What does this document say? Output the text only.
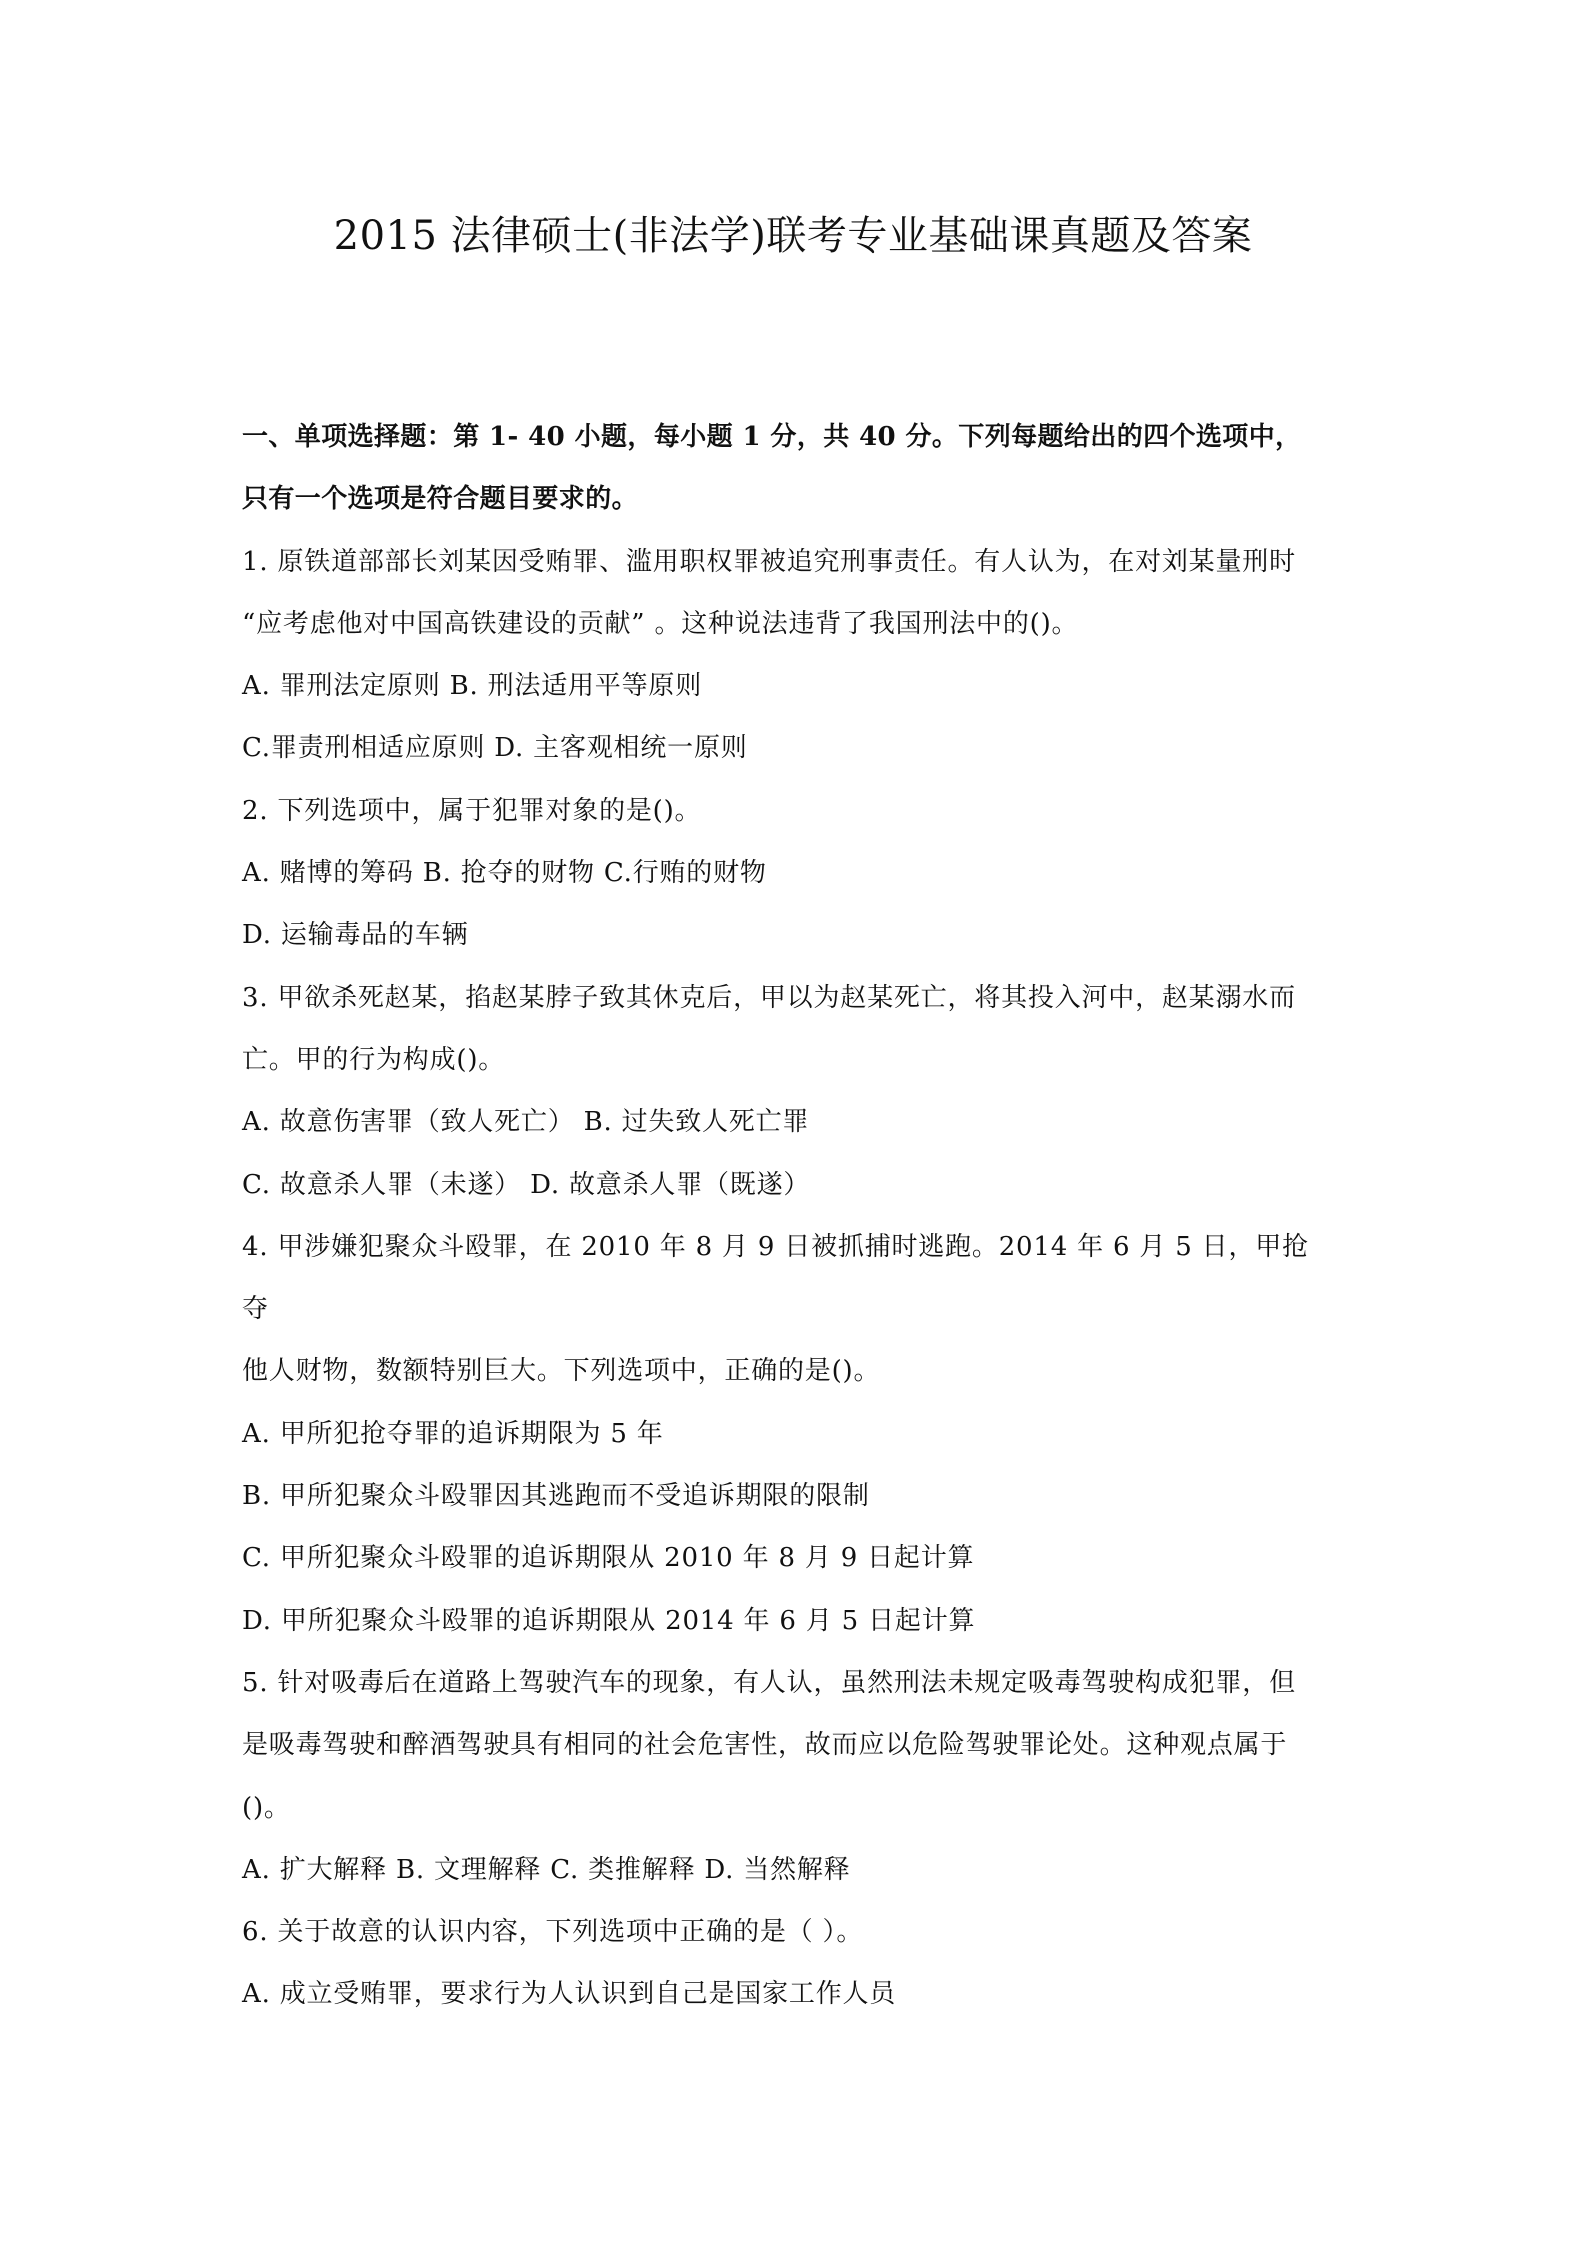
2015 法律硕士(非法学)联考专业基础课真题及答案
一、单项选择题：第 1- 40 小题，每小题 1 分，共 40 分。下列每题给出的四个选项中，
只有一个选项是符合题目要求的。
1. 原铁道部部长刘某因受贿罪、滥用职权罪被追究刑事责任。有人认为，在对刘某量刑时
“应考虑他对中国高铁建设的贡献” 。这种说法违背了我国刑法中的()。
A. 罪刑法定原则 B. 刑法适用平等原则
C.罪责刑相适应原则 D. 主客观相统一原则
2. 下列选项中，属于犯罪对象的是()。
A. 赌博的筹码 B. 抢夺的财物 C.行贿的财物
D. 运输毒品的车辆
3. 甲欲杀死赵某，掐赵某脖子致其休克后，甲以为赵某死亡，将其投入河中，赵某溺水而
亡。甲的行为构成()。
A. 故意伤害罪（致人死亡） B. 过失致人死亡罪
C. 故意杀人罪（未遂） D. 故意杀人罪（既遂）
4. 甲涉嫌犯聚众斗殴罪，在 2010 年 8 月 9 日被抓捕时逃跑。2014 年 6 月 5 日，甲抢
夺
他人财物，数额特别巨大。下列选项中，正确的是()。
A. 甲所犯抢夺罪的追诉期限为 5 年
B. 甲所犯聚众斗殴罪因其逃跑而不受追诉期限的限制
C. 甲所犯聚众斗殴罪的追诉期限从 2010 年 8 月 9 日起计算
D. 甲所犯聚众斗殴罪的追诉期限从 2014 年 6 月 5 日起计算
5. 针对吸毒后在道路上驾驶汽车的现象，有人认，虽然刑法未规定吸毒驾驶构成犯罪，但
是吸毒驾驶和醉酒驾驶具有相同的社会危害性，故而应以危险驾驶罪论处。这种观点属于
()。
A. 扩大解释 B. 文理解释 C. 类推解释 D. 当然解释
6. 关于故意的认识内容，下列选项中正确的是（ ）。
A. 成立受贿罪，要求行为人认识到自己是国家工作人员
